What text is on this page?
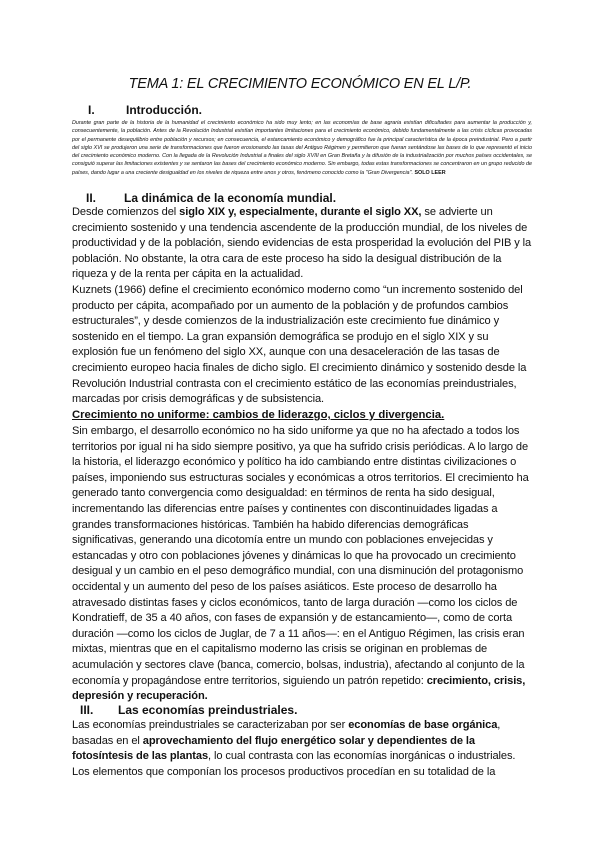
TEMA 1: EL CRECIMIENTO ECONÓMICO EN EL L/P.
I.	Introducción.

Durante gran parte de la historia de la humanidad el crecimiento económico ha sido muy lento; en las economías de base agraria existían dificultades para aumentar la producción y, consecuentemente, la población. Antes de la Revolución Industrial existían importantes limitaciones para el crecimiento económico, debido fundamentalmente a las crisis cíclicas provocadas por el permanente desequilibrio entre población y recursos; en consecuencia, el estancamiento económico y demográfico fue la principal característica de la época preindustrial. Pero a partir del siglo XVI se produjeron una serie de transformaciones que fueron erosionando las tasas del Antiguo Régimen y permitieron que fueran sentándose las bases de lo que representó el inicio del crecimiento económico moderno. Con la llegada de la Revolución Industrial a finales del siglo XVIII en Gran Bretaña y la difusión de la industrialización por muchos países occidentales, se consiguió superar las limitaciones existentes y se sentaron las bases del crecimiento económico moderno. Sin embargo, todas estas transformaciones se concentraron en un grupo reducido de países, dando lugar a una creciente desigualdad en los niveles de riqueza entre unos y otros, fenómeno conocido como la "Gran Divergencia". SOLO LEER

II. La dinámica de la economía mundial.

Desde comienzos del siglo XIX y, especialmente, durante el siglo XX, se advierte un crecimiento sostenido y una tendencia ascendente de la producción mundial, de los niveles de productividad y de la población, siendo evidencias de esta prosperidad la evolución del PIB y la población. No obstante, la otra cara de este proceso ha sido la desigual distribución de la riqueza y de la renta per cápita en la actualidad.

Kuznets (1966) define el crecimiento económico moderno como “un incremento sostenido del producto per cápita, acompañado por un aumento de la población y de profundos cambios estructurales”, y desde comienzos de la industrialización este crecimiento fue dinámico y sostenido en el tiempo. La gran expansión demográfica se produjo en el siglo XIX y su explosión fue un fenómeno del siglo XX, aunque con una desaceleración de las tasas de crecimiento europeo hacia finales de dicho siglo. El crecimiento dinámico y sostenido desde la Revolución Industrial contrasta con el crecimiento estático de las economías preindustriales, marcadas por crisis demográficas y de subsistencia.

Crecimiento no uniforme: cambios de liderazgo, ciclos y divergencia.

Sin embargo, el desarrollo económico no ha sido uniforme ya que no ha afectado a todos los territorios por igual ni ha sido siempre positivo, ya que ha sufrido crisis periódicas. A lo largo de la historia, el liderazgo económico y político ha ido cambiando entre distintas civilizaciones o países, imponiendo sus estructuras sociales y económicas a otros territorios. El crecimiento ha generado tanto convergencia como desigualdad: en términos de renta ha sido desigual, incrementando las diferencias entre países y continentes con discontinuidades ligadas a grandes transformaciones históricas. También ha habido diferencias demográficas significativas, generando una dicotomía entre un mundo con poblaciones envejecidas y estancadas y otro con poblaciones jóvenes y dinámicas lo que ha provocado un crecimiento desigual y un cambio en el peso demográfico mundial, con una disminución del protagonismo occidental y un aumento del peso de los países asiáticos. Este proceso de desarrollo ha atravesado distintas fases y ciclos económicos, tanto de larga duración —como los ciclos de Kondratieff, de 35 a 40 años, con fases de expansión y de estancamiento—, como de corta duración —como los ciclos de Juglar, de 7 a 11 años—: en el Antiguo Régimen, las crisis eran mixtas, mientras que en el capitalismo moderno las crisis se originan en problemas de acumulación y sectores clave (banca, comercio, bolsas, industria), afectando al conjunto de la economía y propagándose entre territorios, siguiendo un patrón repetido: crecimiento, crisis, depresión y recuperación.

III. Las economías preindustriales.

Las economías preindustriales se caracterizaban por ser economías de base orgánica, basadas en el aprovechamiento del flujo energético solar y dependientes de la fotosíntesis de las plantas, lo cual contrasta con las economías inorgánicas o industriales. Los elementos que componían los procesos productivos procedían en su totalidad de la
